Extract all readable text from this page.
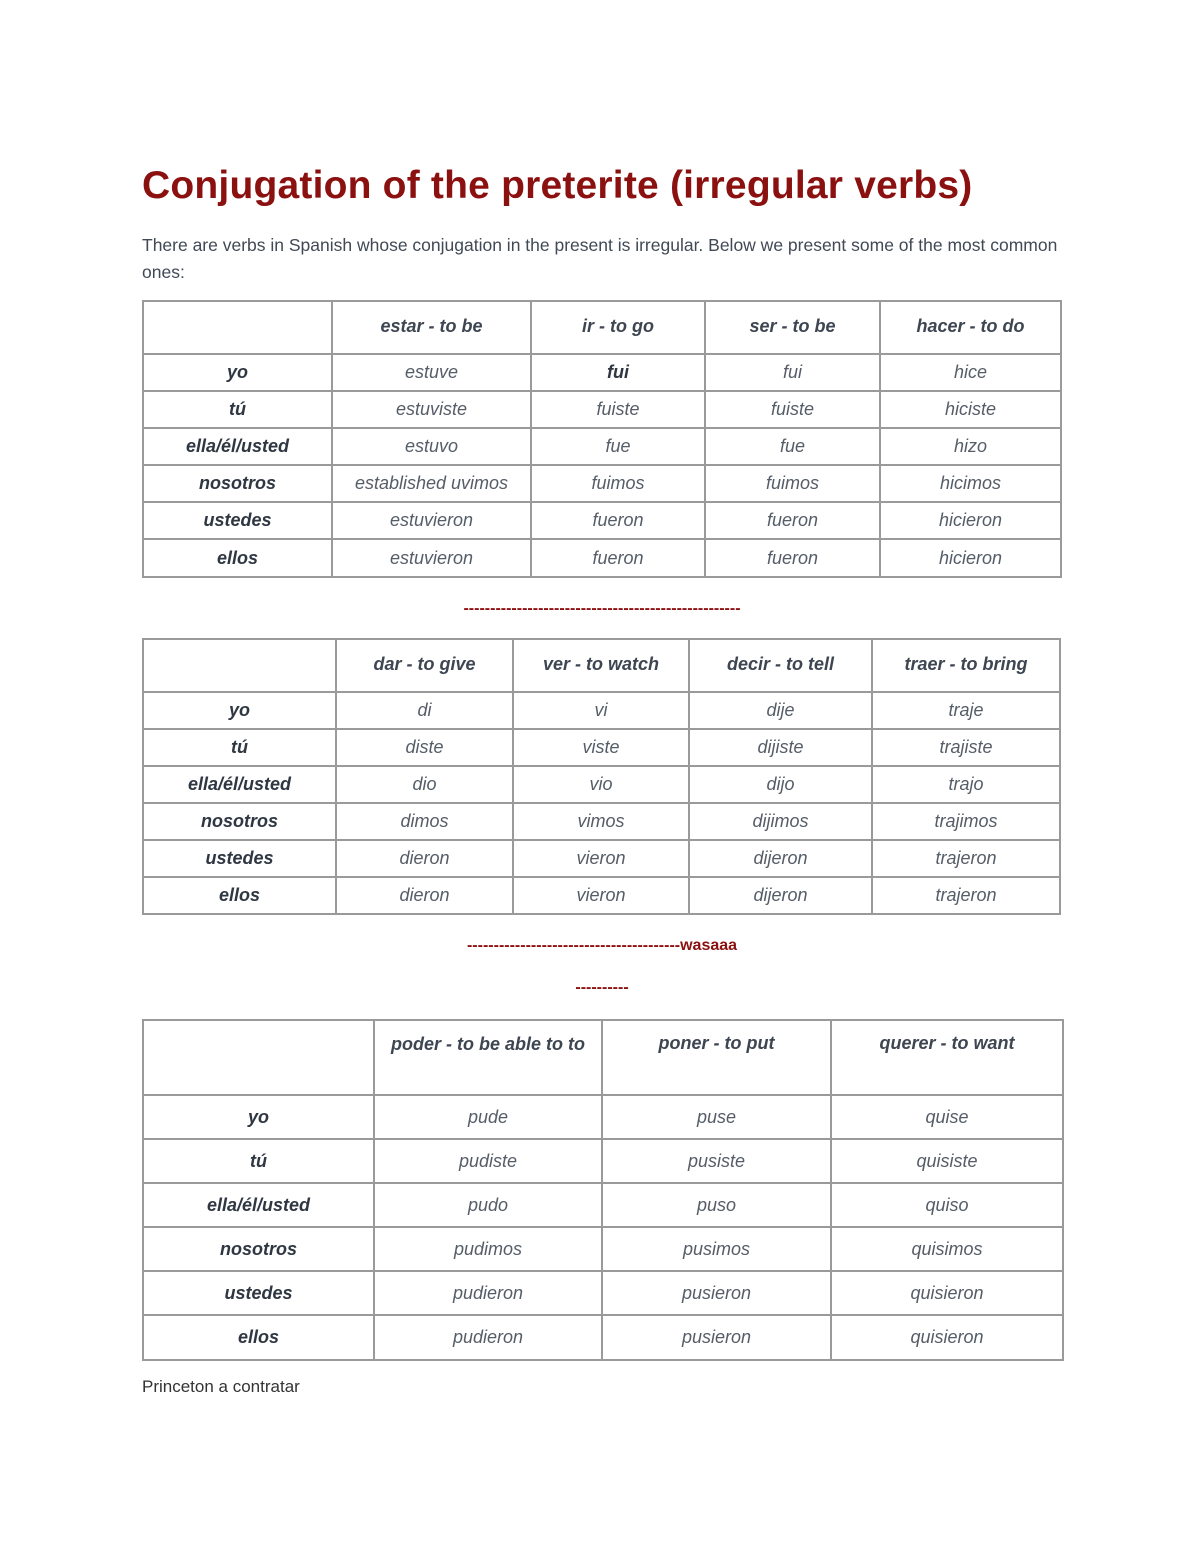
Conjugation of the preterite (irregular verbs)

There are verbs in Spanish whose conjugation in the present is irregular. Below we present some of the most common ones:

	estar - to be	ir - to go	ser - to be	hacer - to do
yo	estuve	fui	fui	hice
tú	estuviste	fuiste	fuiste	hiciste
ella/él/usted	estuvo	fue	fue	hizo
nosotros	established uvimos	fuimos	fuimos	hicimos
ustedes	estuvieron	fueron	fueron	hicieron
ellos	estuvieron	fueron	fueron	hicieron
----------------------------------------------------
	dar - to give	ver - to watch	decir - to tell	traer - to bring
yo	di	vi	dije	traje
tú	diste	viste	dijiste	trajiste
ella/él/usted	dio	vio	dijo	trajo
nosotros	dimos	vimos	dijimos	trajimos
ustedes	dieron	vieron	dijeron	trajeron
ellos	dieron	vieron	dijeron	trajeron
----------------------------------------wasaaa
----------
	poder - to be able to to	poner - to put	querer - to want
yo	pude	puse	quise
tú	pudiste	pusiste	quisiste
ella/él/usted	pudo	puso	quiso
nosotros	pudimos	pusimos	quisimos
ustedes	pudieron	pusieron	quisieron
ellos	pudieron	pusieron	quisieron
Princeton a contratar
